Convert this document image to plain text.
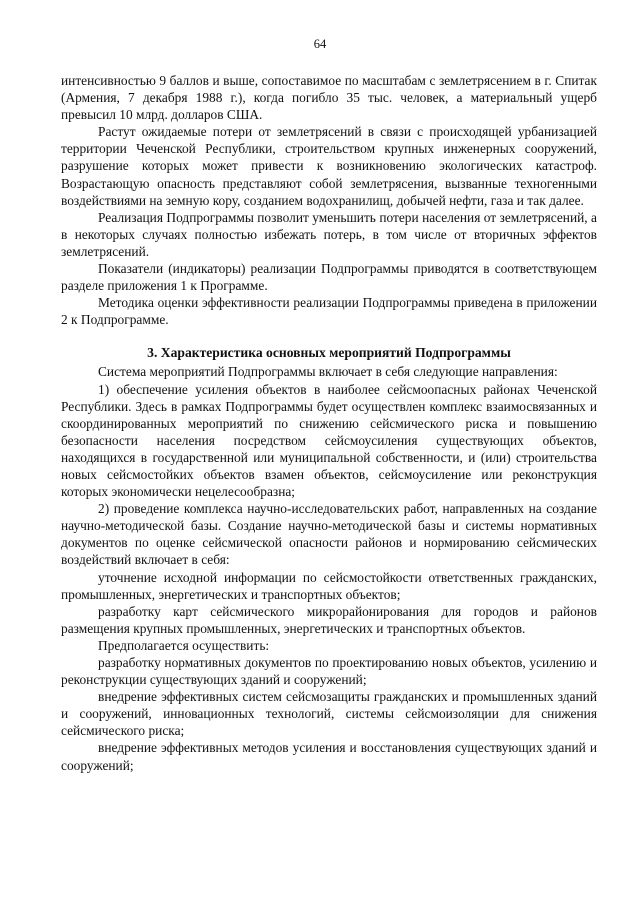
64

интенсивностью 9 баллов и выше, сопоставимое по масштабам с землетрясением в г. Спитак (Армения, 7 декабря 1988 г.), когда погибло 35 тыс. человек, а материальный ущерб превысил 10 млрд. долларов США.

Растут ожидаемые потери от землетрясений в связи с происходящей урбанизацией территории Чеченской Республики, строительством крупных инженерных сооружений, разрушение которых может привести к возникновению экологических катастроф. Возрастающую опасность представляют собой землетрясения, вызванные техногенными воздействиями на земную кору, созданием водохранилищ, добычей нефти, газа и так далее.

Реализация Подпрограммы позволит уменьшить потери населения от землетрясений, а в некоторых случаях полностью избежать потерь, в том числе от вторичных эффектов землетрясений.

Показатели (индикаторы) реализации Подпрограммы приводятся в соответствующем разделе приложения 1 к Программе.

Методика оценки эффективности реализации Подпрограммы приведена в приложении 2 к Подпрограмме.

3. Характеристика основных мероприятий Подпрограммы

Система мероприятий Подпрограммы включает в себя следующие направления:

1) обеспечение усиления объектов в наиболее сейсмоопасных районах Чеченской Республики. Здесь в рамках Подпрограммы будет осуществлен комплекс взаимосвязанных и скоординированных мероприятий по снижению сейсмического риска и повышению безопасности населения посредством сейсмоусиления существующих объектов, находящихся в государственной или муниципальной собственности, и (или) строительства новых сейсмостойких объектов взамен объектов, сейсмоусиление или реконструкция которых экономически нецелесообразна;

2) проведение комплекса научно-исследовательских работ, направленных на создание научно-методической базы. Создание научно-методической базы и системы нормативных документов по оценке сейсмической опасности районов и нормированию сейсмических воздействий включает в себя:

уточнение исходной информации по сейсмостойкости ответственных гражданских, промышленных, энергетических и транспортных объектов;

разработку карт сейсмического микрорайонирования для городов и районов размещения крупных промышленных, энергетических и транспортных объектов.

Предполагается осуществить:

разработку нормативных документов по проектированию новых объектов, усилению и реконструкции существующих зданий и сооружений;

внедрение эффективных систем сейсмозащиты гражданских и промышленных зданий и сооружений, инновационных технологий, системы сейсмоизоляции для снижения сейсмического риска;

внедрение эффективных методов усиления и восстановления существующих зданий и сооружений;
